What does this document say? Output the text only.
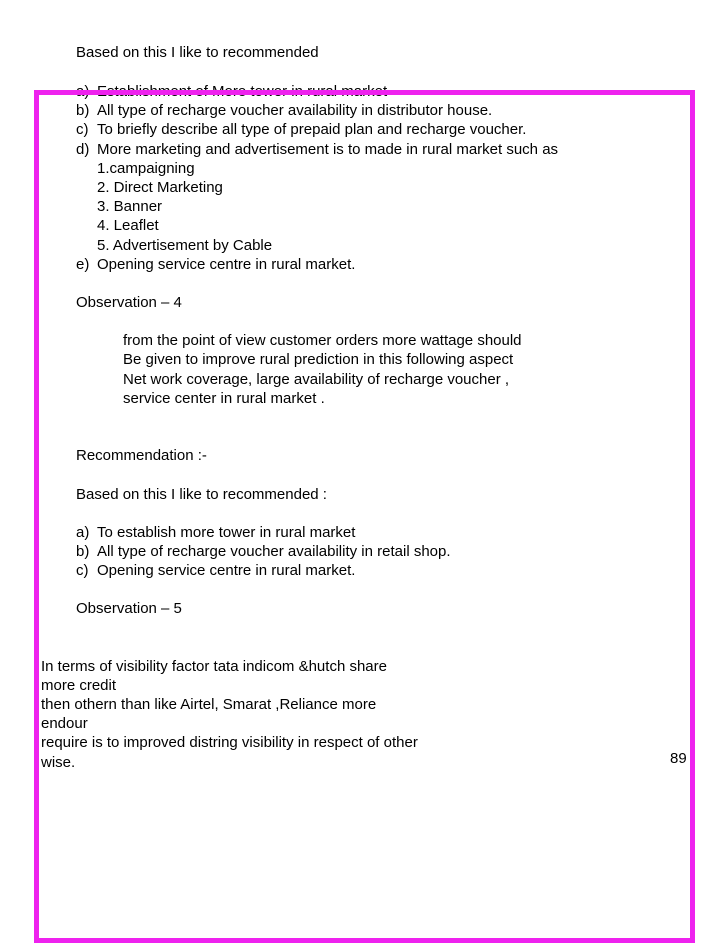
Based on this I like to recommended
a) Establishment of More tower in rural market
b) All type of recharge voucher availability in distributor house.
c) To briefly describe all type of prepaid plan and recharge voucher.
d) More marketing and advertisement is to made in rural market such as
1.campaigning
2. Direct Marketing
3. Banner
4. Leaflet
5. Advertisement by Cable
e) Opening service centre in rural market.
Observation – 4
from the point of view customer orders more wattage should
Be given to improve rural prediction in this following aspect
Net work coverage, large availability of recharge voucher ,
service center in rural market .
Recommendation :-
Based on this I like to recommended :
a) To establish more tower in rural market
b) All type of recharge voucher availability in retail shop.
c) Opening service centre in rural market.
Observation – 5
In terms of visibility factor tata indicom &hutch share
more credit
then othern than like Airtel, Smarat ,Reliance more
endour
require is to improved distring visibility in respect of other
wise.	89
